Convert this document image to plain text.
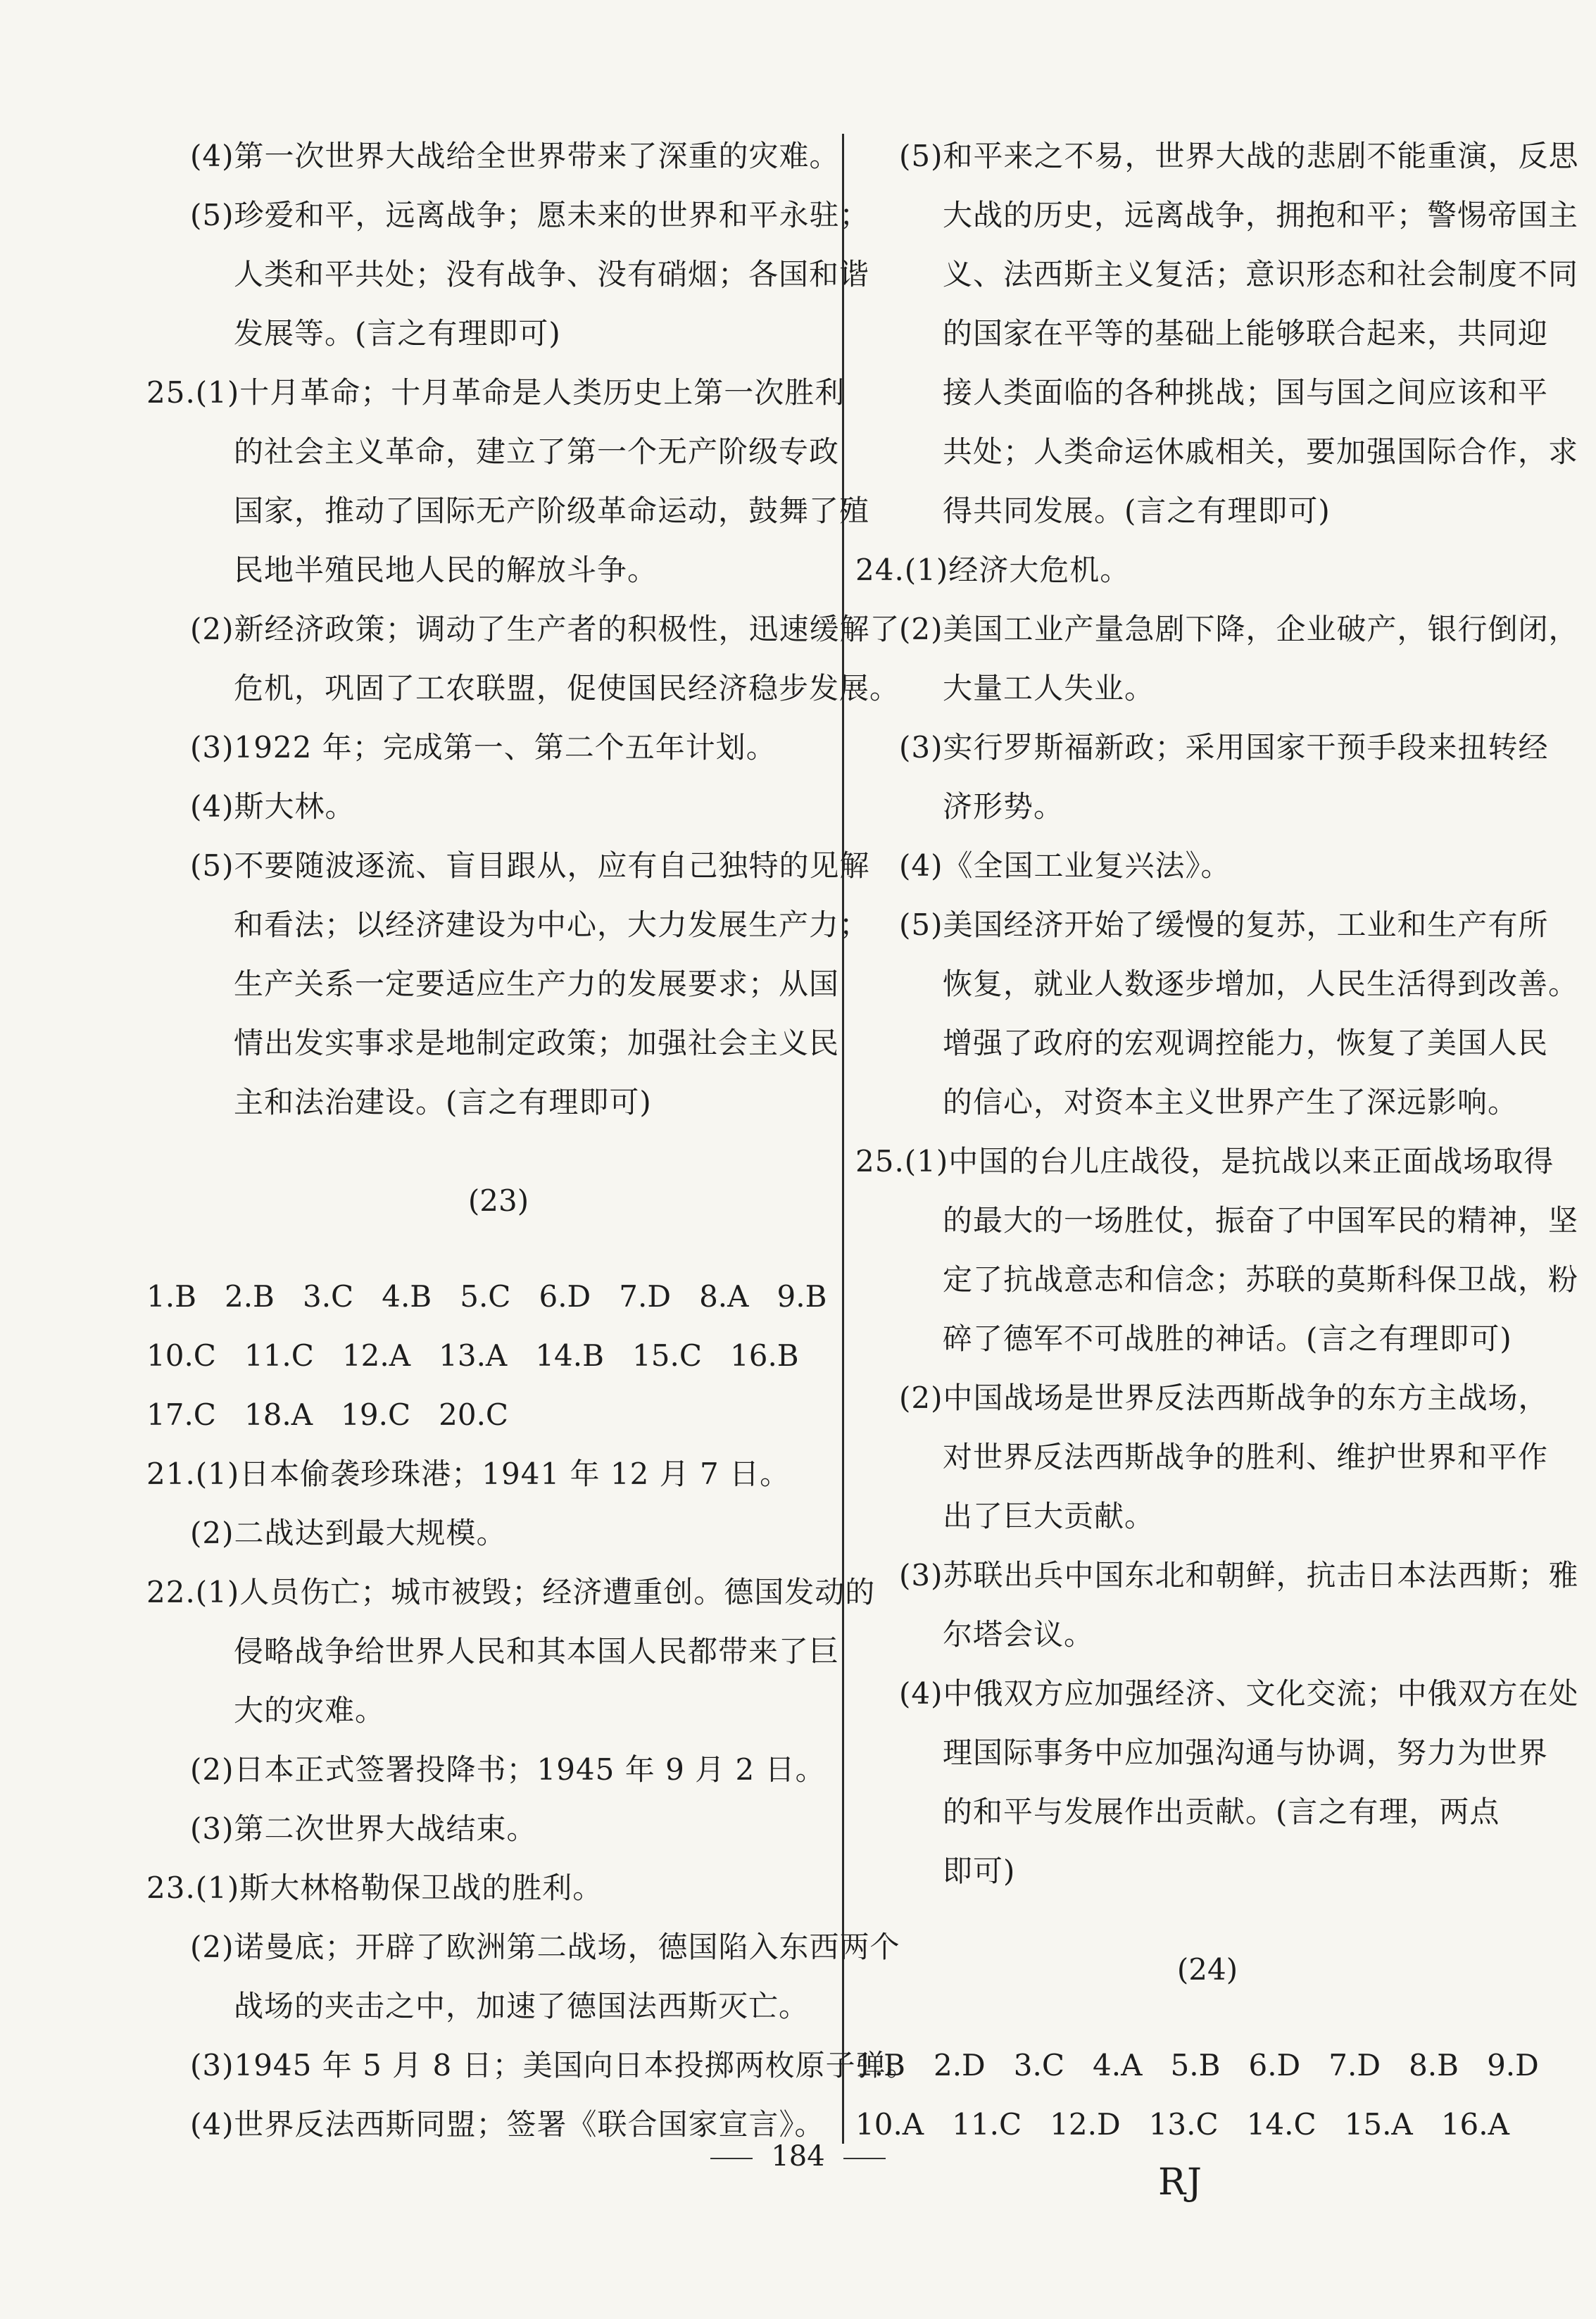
(4)第一次世界大战给全世界带来了深重的灾难。
(5)珍爱和平，远离战争；愿未来的世界和平永驻；
人类和平共处；没有战争、没有硝烟；各国和谐
发展等。(言之有理即可)
25.(1)十月革命；十月革命是人类历史上第一次胜利
的社会主义革命，建立了第一个无产阶级专政
国家，推动了国际无产阶级革命运动，鼓舞了殖
民地半殖民地人民的解放斗争。
(2)新经济政策；调动了生产者的积极性，迅速缓解了
危机，巩固了工农联盟，促使国民经济稳步发展。
(3)1922 年；完成第一、第二个五年计划。
(4)斯大林。
(5)不要随波逐流、盲目跟从，应有自己独特的见解
和看法；以经济建设为中心，大力发展生产力；
生产关系一定要适应生产力的发展要求；从国
情出发实事求是地制定政策；加强社会主义民
主和法治建设。(言之有理即可)
(23)
1.B   2.B   3.C   4.B   5.C   6.D   7.D   8.A   9.B
10.C   11.C   12.A   13.A   14.B   15.C   16.B
17.C   18.A   19.C   20.C
21.(1)日本偷袭珍珠港；1941 年 12 月 7 日。
(2)二战达到最大规模。
22.(1)人员伤亡；城市被毁；经济遭重创。德国发动的
侵略战争给世界人民和其本国人民都带来了巨
大的灾难。
(2)日本正式签署投降书；1945 年 9 月 2 日。
(3)第二次世界大战结束。
23.(1)斯大林格勒保卫战的胜利。
(2)诺曼底；开辟了欧洲第二战场，德国陷入东西两个
战场的夹击之中，加速了德国法西斯灭亡。
(3)1945 年 5 月 8 日；美国向日本投掷两枚原子弹。
(4)世界反法西斯同盟；签署《联合国家宣言》。
(5)和平来之不易，世界大战的悲剧不能重演，反思
大战的历史，远离战争，拥抱和平；警惕帝国主
义、法西斯主义复活；意识形态和社会制度不同
的国家在平等的基础上能够联合起来，共同迎
接人类面临的各种挑战；国与国之间应该和平
共处；人类命运休戚相关，要加强国际合作，求
得共同发展。(言之有理即可)
24.(1)经济大危机。
(2)美国工业产量急剧下降，企业破产，银行倒闭，
大量工人失业。
(3)实行罗斯福新政；采用国家干预手段来扭转经
济形势。
(4)《全国工业复兴法》。
(5)美国经济开始了缓慢的复苏，工业和生产有所
恢复，就业人数逐步增加，人民生活得到改善。
增强了政府的宏观调控能力，恢复了美国人民
的信心，对资本主义世界产生了深远影响。
25.(1)中国的台儿庄战役，是抗战以来正面战场取得
的最大的一场胜仗，振奋了中国军民的精神，坚
定了抗战意志和信念；苏联的莫斯科保卫战，粉
碎了德军不可战胜的神话。(言之有理即可)
(2)中国战场是世界反法西斯战争的东方主战场，
对世界反法西斯战争的胜利、维护世界和平作
出了巨大贡献。
(3)苏联出兵中国东北和朝鲜，抗击日本法西斯；雅
尔塔会议。
(4)中俄双方应加强经济、文化交流；中俄双方在处
理国际事务中应加强沟通与协调，努力为世界
的和平与发展作出贡献。(言之有理，两点
即可)
(24)
1.B   2.D   3.C   4.A   5.B   6.D   7.D   8.B   9.D
10.A   11.C   12.D   13.C   14.C   15.A   16.A
184
RJ
